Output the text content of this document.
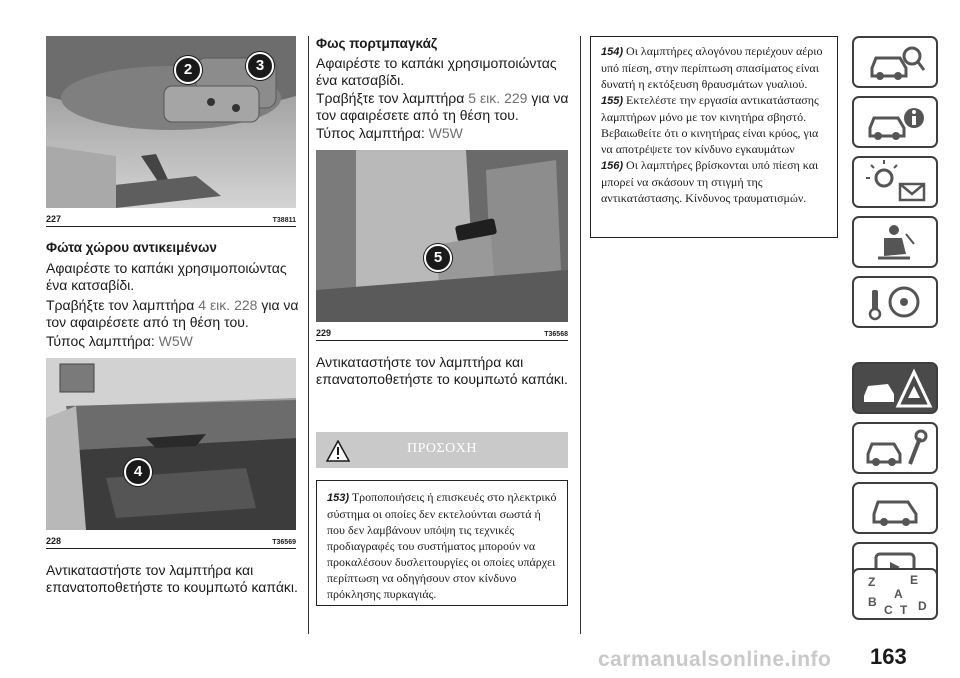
2	3
227	T38811
Φώτα χώρου αντικειμένων

Αφαιρέστε το καπάκι χρησιμοποιώντας ένα κατσαβίδι.

Τραβήξτε τον λαμπτήρα 4 εικ. 228 για να τον αφαιρέσετε από τη θέση του.

Τύπος λαμπτήρα: W5W

4
228	T36569

Αντικαταστήστε τον λαμπτήρα και επανατοποθετήστε το κουμπωτό καπάκι.

Φως πορτμπαγκάζ

Αφαιρέστε το καπάκι χρησιμοποιώντας ένα κατσαβίδι.

Τραβήξτε τον λαμπτήρα 5 εικ. 229 για να τον αφαιρέσετε από τη θέση του.

Τύπος λαμπτήρα: W5W

5
229	T36568

Αντικαταστήστε τον λαμπτήρα και επανατοποθετήστε το κουμπωτό καπάκι.

ΠΡΟΣΟΧΗ

153) Τροποποιήσεις ή επισκευές στο ηλεκτρικό σύστημα οι οποίες δεν εκτελούνται σωστά ή που δεν λαμβάνουν υπόψη τις τεχνικές προδιαγραφές του συστήματος μπορούν να προκαλέσουν δυσλειτουργίες οι οποίες υπάρχει περίπτωση να οδηγήσουν στον κίνδυνο πρόκλησης πυρκαγιάς.

154) Οι λαμπτήρες αλογόνου περιέχουν αέριο υπό πίεση, στην περίπτωση σπασίματος είναι δυνατή η εκτόξευση θραυσμάτων γυαλιού.

155) Εκτελέστε την εργασία αντικατάστασης λαμπτήρων μόνο με τον κινητήρα σβηστό. Βεβαιωθείτε ότι ο κινητήρας είναι κρύος, για να αποτρέψετε τον κίνδυνο εγκαυμάτων

156) Οι λαμπτήρες βρίσκονται υπό πίεση και μπορεί να σκάσουν τη στιγμή της αντικατάστασης. Κίνδυνος τραυματισμών.

Z	E
A
B
C T D
163
carmanualsonline.info
